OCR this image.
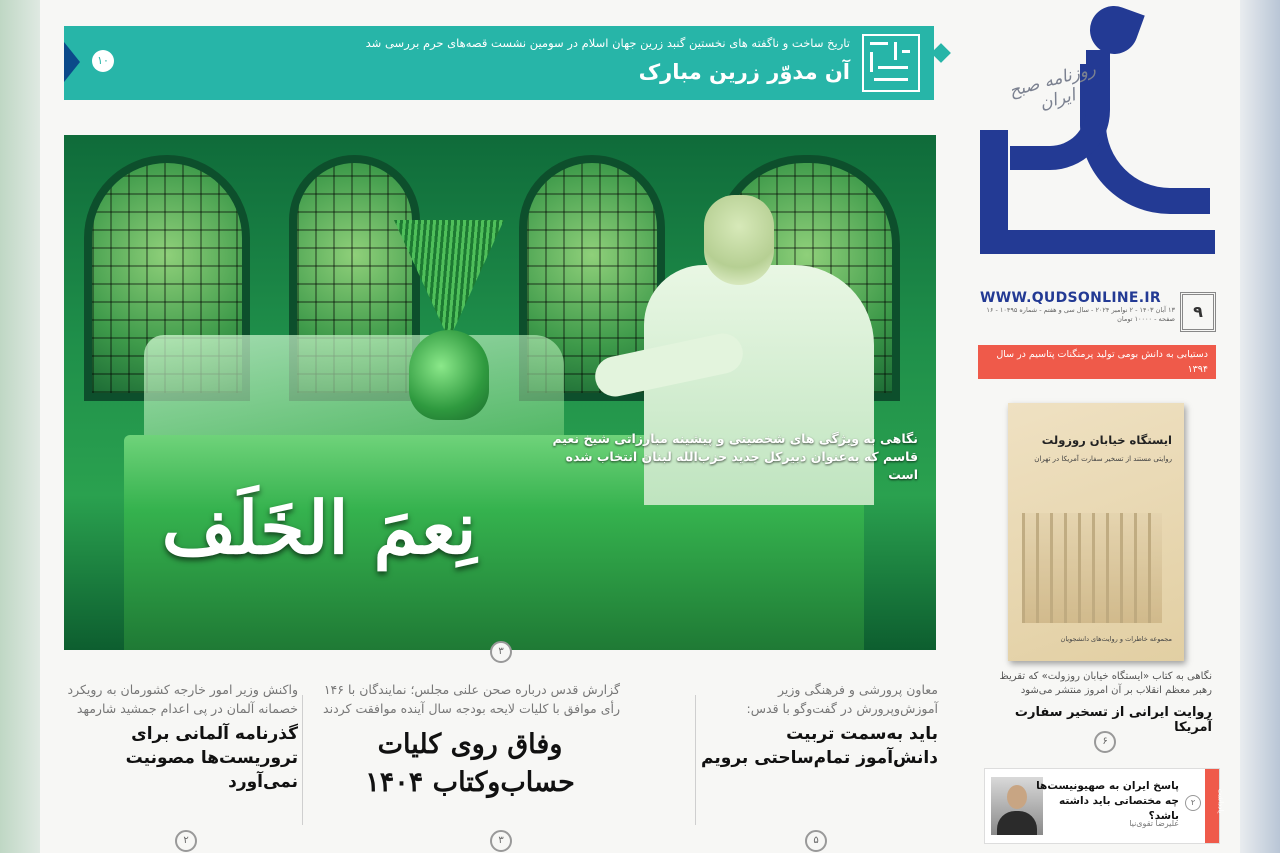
۱۰
تاریخ ساخت و ناگفته های نخستین گنبد زرین جهان اسلام در سومین نشست قصه‌های حرم بررسی شد
آن مدوّر زرین مبارک
نگاهی به ویژگی های شخصیتی و پیشینه مبارزاتی شیخ نعیم قاسم که به‌عنوان دبیرکل جدید حزب‌الله لبنان انتخاب شده است
نِعمَ الخَلَف
۳
روزنامه صبح ایران
WWW.QUDSONLINE.IR
۱۳ آبان ۱۴۰۳ - ۲ نوامبر ۲۰۲۴ - سال سی و هفتم - شماره ۱۰۴۹۵ - ۱۶ صفحه - ۱۰۰۰۰ تومان	۹
دستیابی به دانش بومی تولید پرمنگنات پتاسیم در سال ۱۳۹۴
ایستگاه خیابان روزولت
روایتی مستند از تسخیر سفارت آمریکا در تهران
مجموعه خاطرات و روایت‌های دانشجویان
نگاهی به کتاب «ایستگاه خیابان روزولت» که تقریظ رهبر معظم انقلاب بر آن امروز منتشر می‌شود
روایت ایرانی از تسخیر سفارت آمریکا
۶
پاسخ ایران به صهیونیست‌ها چه مختصاتی باید داشته باشد؟
علیرضا تقوی‌نیا
۲	یادداشت
واکنش وزیر امور خارجه کشورمان به رویکرد خصمانه آلمان در پی اعدام جمشید شارمهد
گذرنامه آلمانی برای تروریست‌ها مصونیت نمی‌آورد
۲
گزارش قدس درباره صحن علنی مجلس؛ نمایندگان با ۱۴۶ رأی موافق با کلیات لایحه بودجه سال آینده موافقت کردند
وفاق روی کلیات حساب‌وکتاب ۱۴۰۴
۳
معاون پرورشی و فرهنگی وزیر آموزش‌وپرورش در گفت‌وگو با قدس:
باید به‌سمت تربیت دانش‌آموز تمام‌ساحتی برویم
۵
